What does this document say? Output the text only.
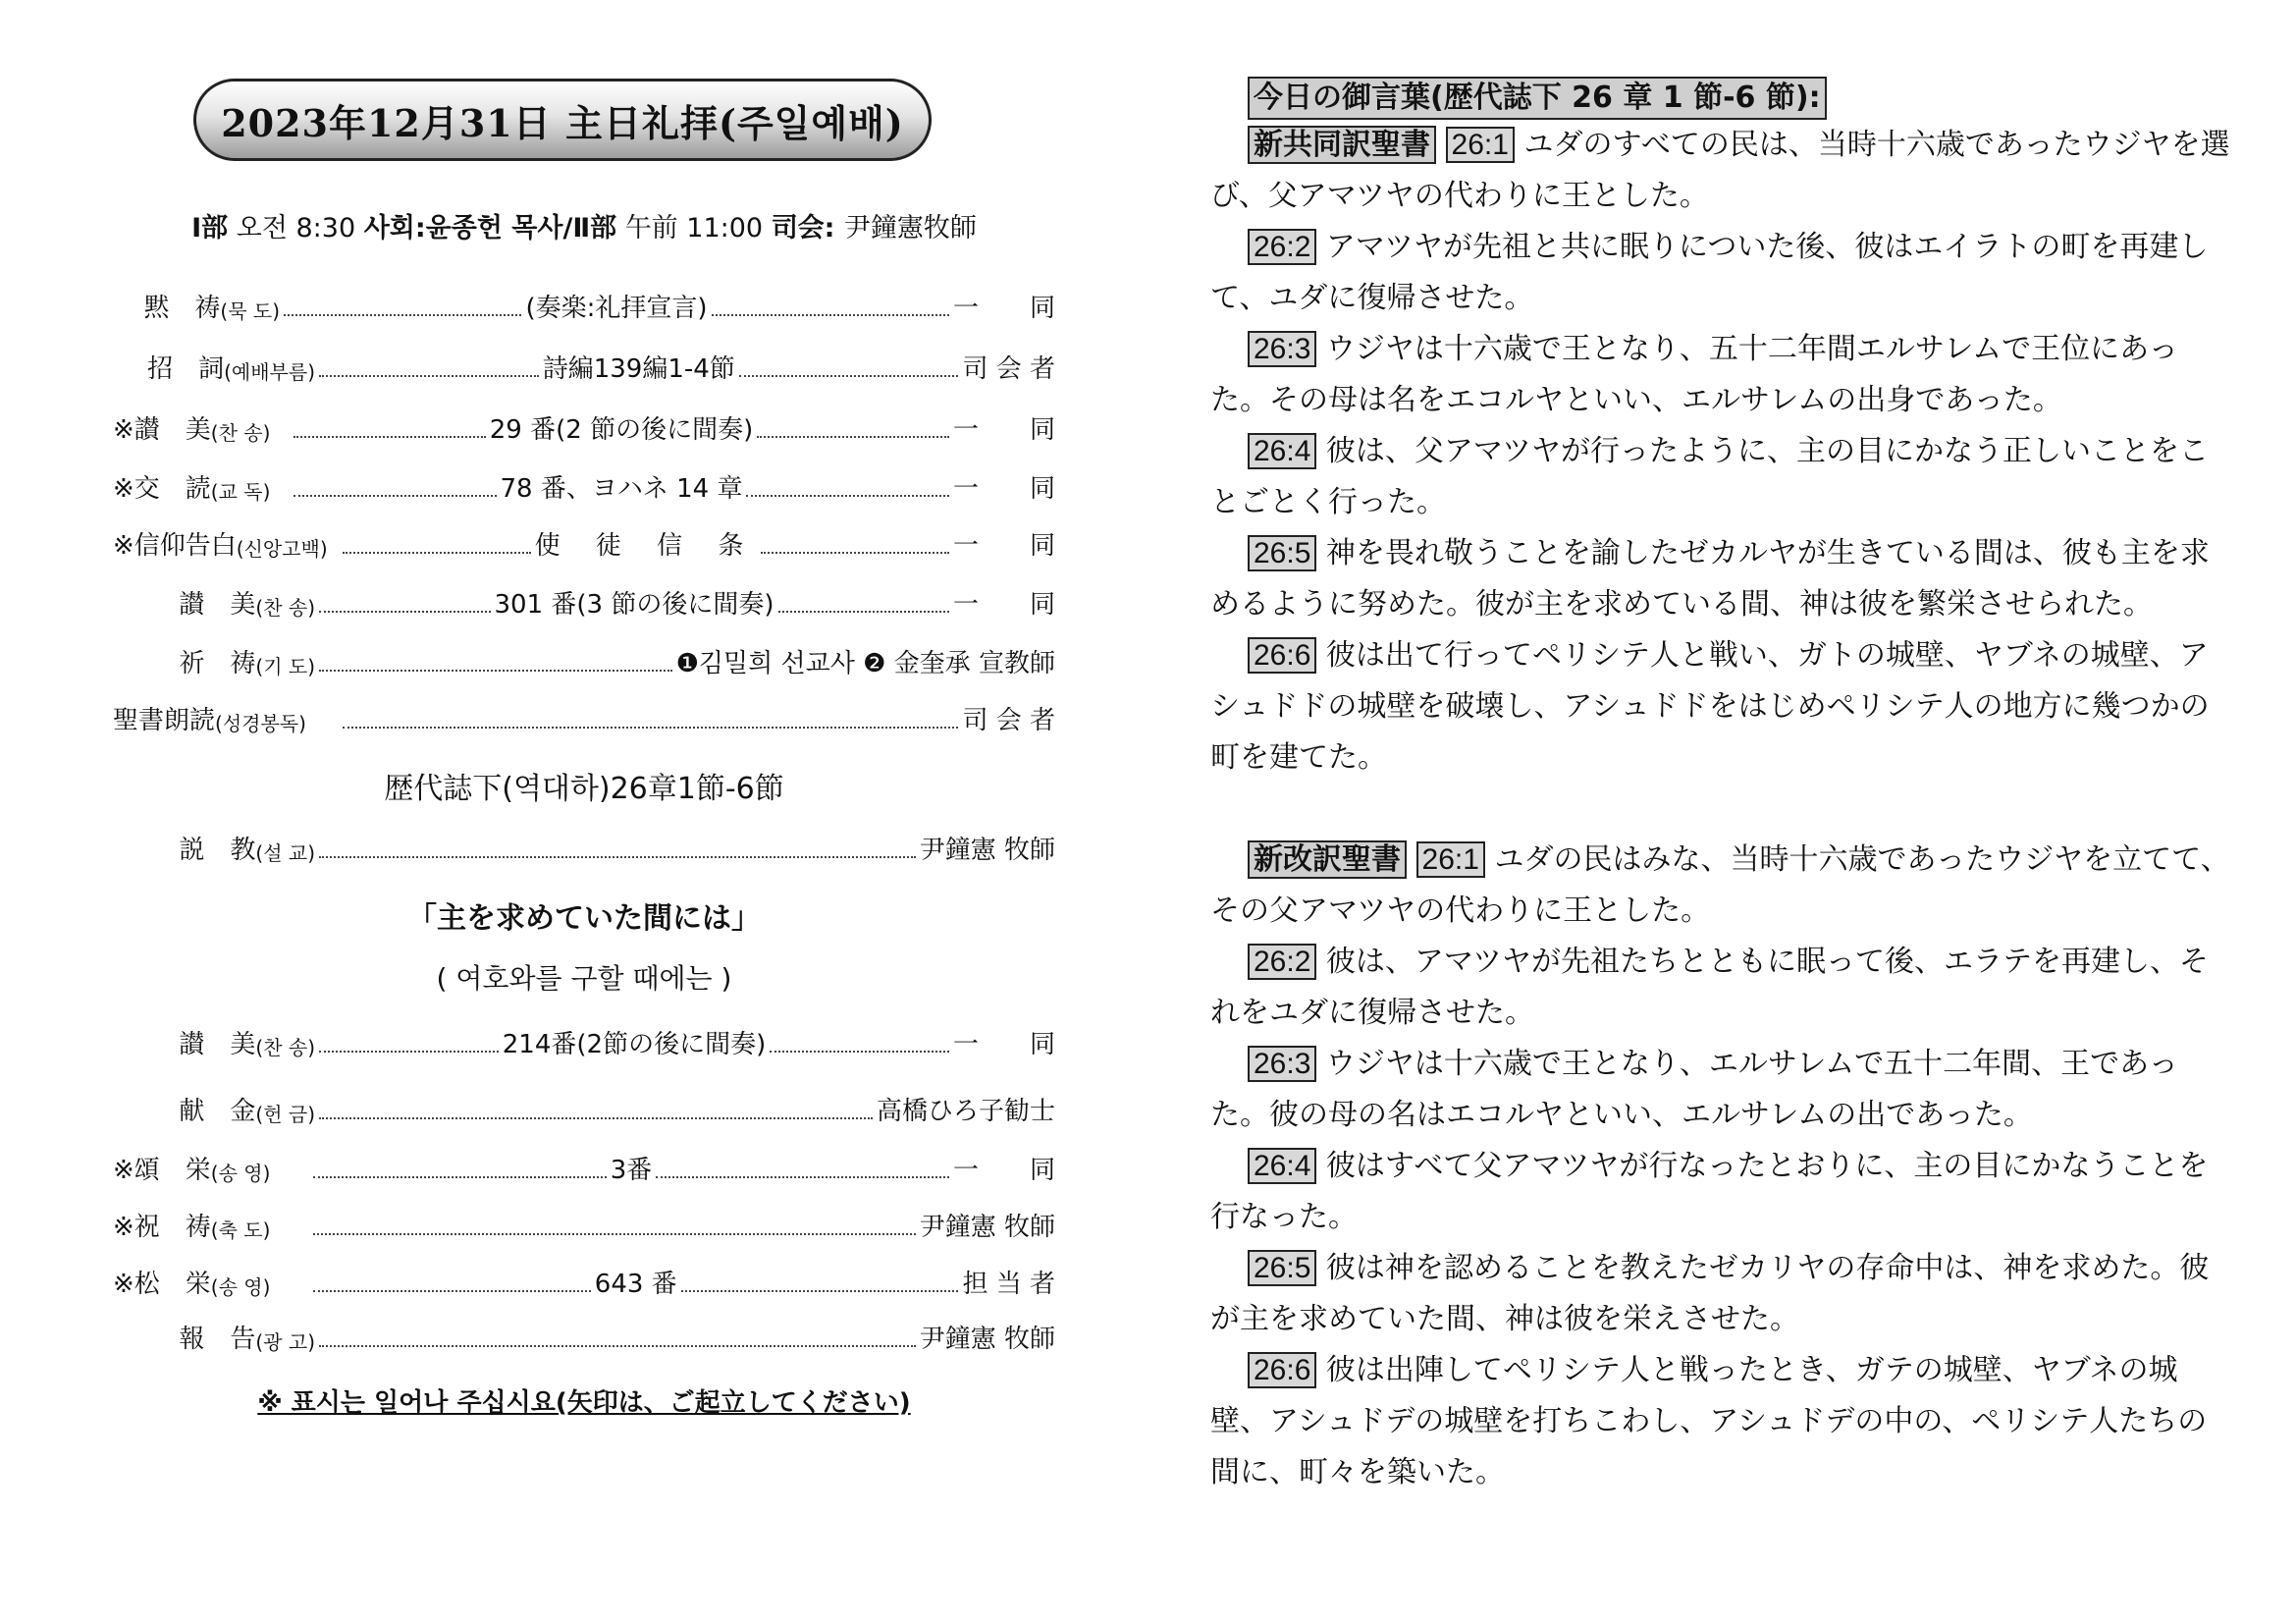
2023年12月31日 主日礼拝(주일예배)
Ⅰ部 오전 8:30 사회:윤종헌 목사/Ⅱ部 午前 11:00 司会: 尹鐘憲牧師
黙　祷 (묵 도)	(奏楽:礼拝宣言)	一　　同
招　詞 (예배부름)	詩編139編1-4節	司 会 者
※讃　美 (찬 송)	29 番(2 節の後に間奏)	一　　同
※交　読 (교 독)	78 番、ヨハネ 14 章	一　　同
※信仰告白 (신앙고백)	使 徒 信 条	一　　同
讃　美 (찬 송)	301 番(3 節の後に間奏)	一　　同
祈　祷 (기 도)	❶김밀희 선교사 ❷ 金奎承 宣教師
聖書朗読 (성경봉독)	司 会 者
歴代誌下(역대하)26章1節-6節
説　教 (설 교)	尹鐘憲 牧師
「主を求めていた間には」
( 여호와를 구할 때에는 )
讃　美 (찬 송)	214番(2節の後に間奏)	一　　同
献　金 (헌 금)	高橋ひろ子勧士
※頌　栄 (송 영)	3番	一　　同
※祝　祷 (축 도)	尹鐘憲 牧師
※松　栄 (송 영)	643 番	担 当 者
報　告 (광 고)	尹鐘憲 牧師
※ 표시는 일어나 주십시요(矢印は、ご起立してください)
今日の御言葉(歴代誌下 26 章 1 節-6 節):

新共同訳聖書 26:1 ユダのすべての民は、当時十六歳であったウジヤを選び、父アマツヤの代わりに王とした。

26:2 アマツヤが先祖と共に眠りについた後、彼はエイラトの町を再建して、ユダに復帰させた。

26:3 ウジヤは十六歳で王となり、五十二年間エルサレムで王位にあった。その母は名をエコルヤといい、エルサレムの出身であった。

26:4 彼は、父アマツヤが行ったように、主の目にかなう正しいことをことごとく行った。

26:5 神を畏れ敬うことを諭したゼカルヤが生きている間は、彼も主を求めるように努めた。彼が主を求めている間、神は彼を繁栄させられた。

26:6 彼は出て行ってペリシテ人と戦い、ガトの城壁、ヤブネの城壁、アシュドドの城壁を破壊し、アシュドドをはじめペリシテ人の地方に幾つかの町を建てた。

新改訳聖書 26:1 ユダの民はみな、当時十六歳であったウジヤを立てて、その父アマツヤの代わりに王とした。

26:2 彼は、アマツヤが先祖たちとともに眠って後、エラテを再建し、それをユダに復帰させた。

26:3 ウジヤは十六歳で王となり、エルサレムで五十二年間、王であった。彼の母の名はエコルヤといい、エルサレムの出であった。

26:4 彼はすべて父アマツヤが行なったとおりに、主の目にかなうことを行なった。

26:5 彼は神を認めることを教えたゼカリヤの存命中は、神を求めた。彼が主を求めていた間、神は彼を栄えさせた。

26:6 彼は出陣してペリシテ人と戦ったとき、ガテの城壁、ヤブネの城壁、アシュドデの城壁を打ちこわし、アシュドデの中の、ペリシテ人たちの間に、町々を築いた。
